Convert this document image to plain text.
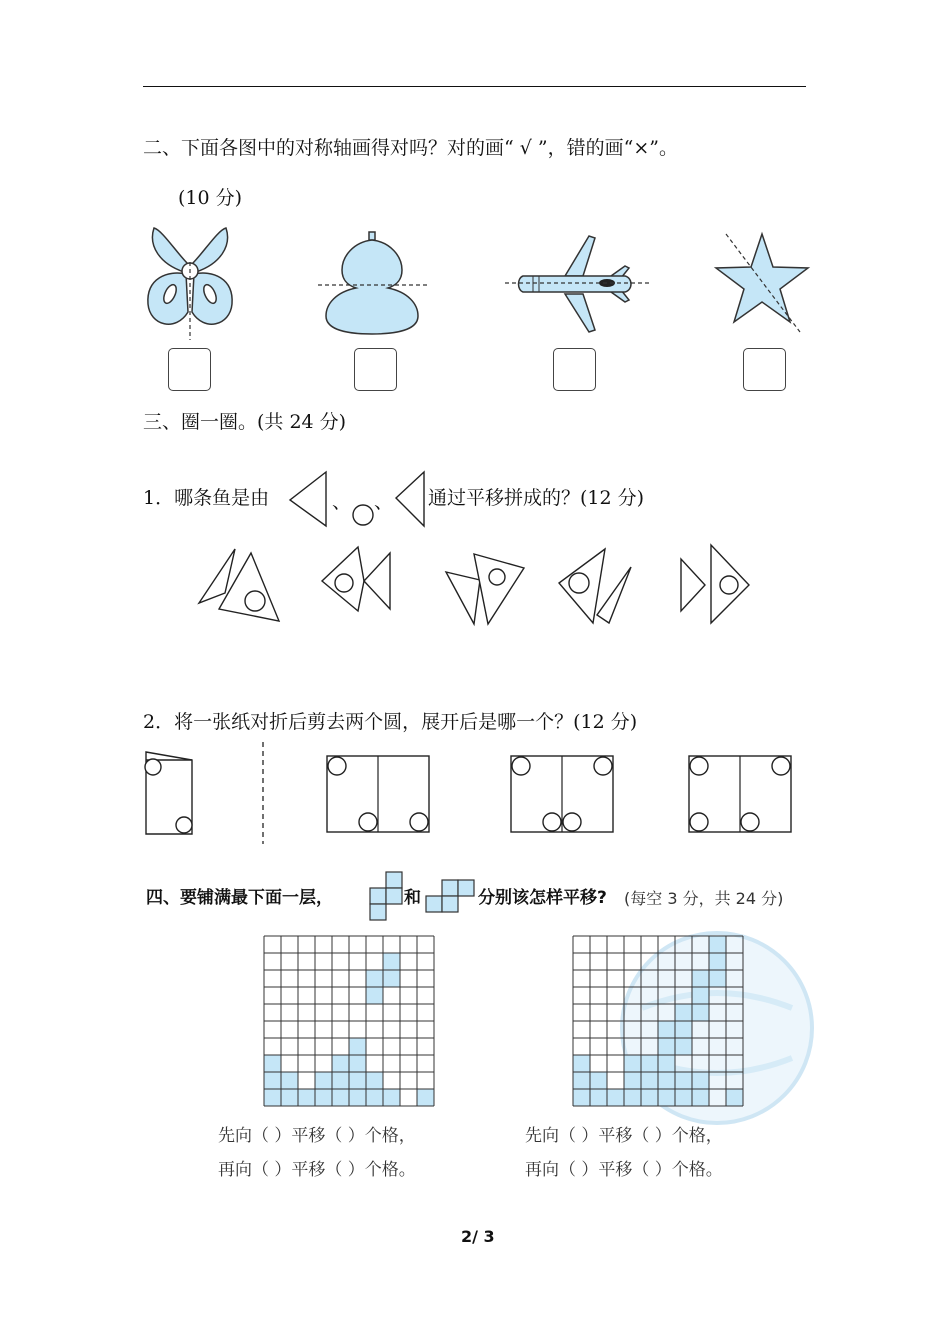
二、下面各图中的对称轴画得对吗？对的画“ √ ”，错的画“×”。
(10 分)
三、圈一圈。(共 24 分)
1．哪条鱼是由	、 、 通过平移拼成的？(12 分)
2．将一张纸对折后剪去两个圆，展开后是哪一个？(12 分)
四、要铺满最下面一层，	和	分别该怎样平移? (每空 3 分，共 24 分)
先向（ ）平移（ ）个格，
再向（ ）平移（ ）个格。
先向（ ）平移（ ）个格，
再向（ ）平移（ ）个格。
2/ 3
